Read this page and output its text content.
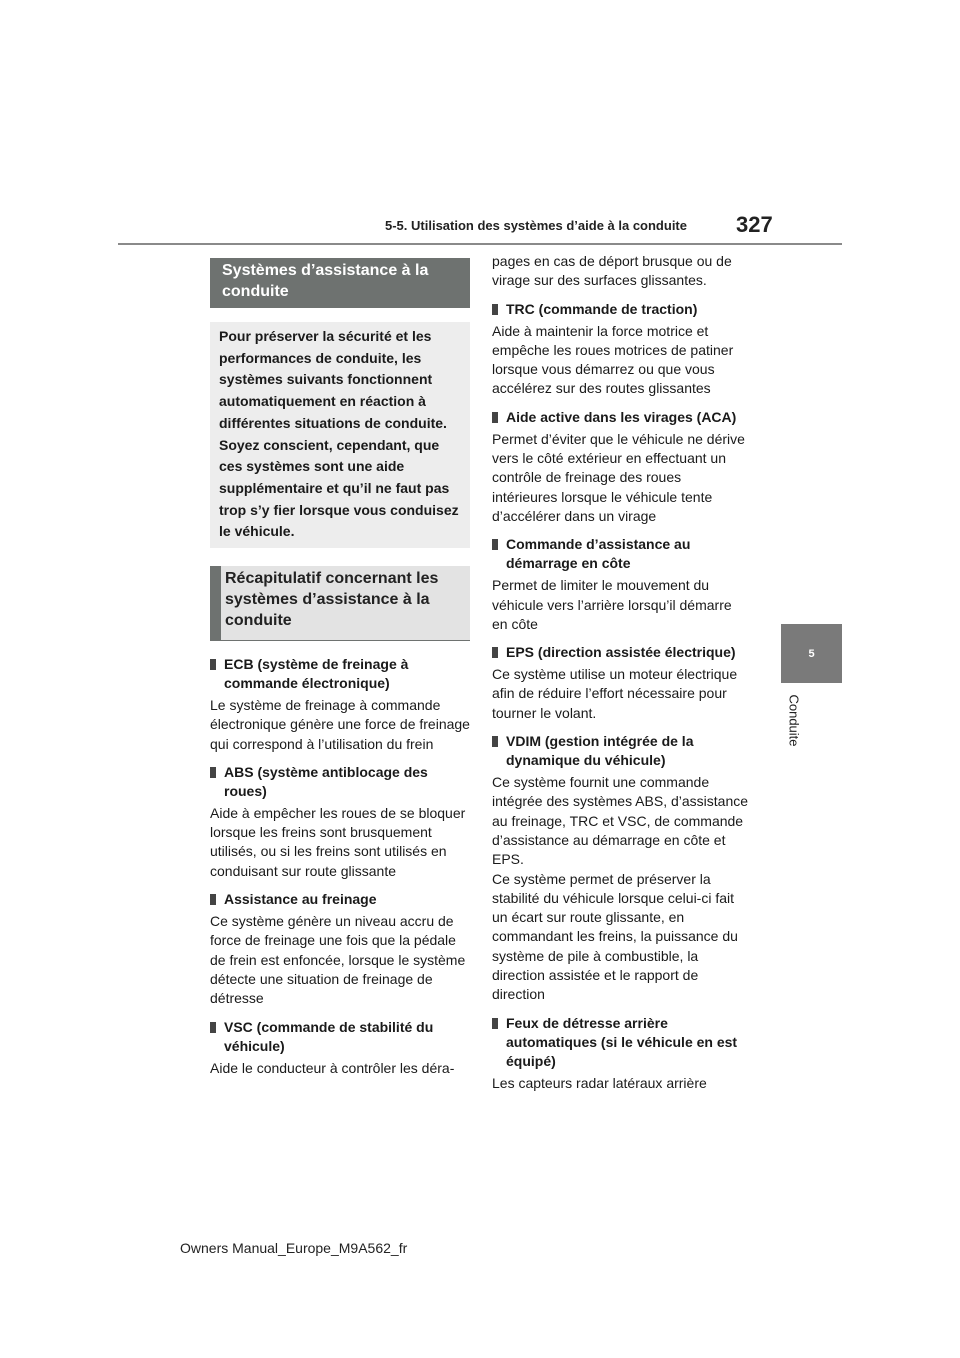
5-5. Utilisation des systèmes d’aide à la conduite 327
5
Conduite
Systèmes d’assistance à la conduite
Pour préserver la sécurité et les performances de conduite, les systèmes suivants fonctionnent automatiquement en réaction à différentes situations de conduite. Soyez conscient, cependant, que ces systèmes sont une aide supplémentaire et qu’il ne faut pas trop s’y fier lorsque vous conduisez le véhicule.
Récapitulatif concernant les systèmes d’assistance à la conduite
ECB (système de freinage à commande électronique)
Le système de freinage à commande électronique génère une force de freinage qui correspond à l’utilisation du frein
ABS (système antiblocage des roues)
Aide à empêcher les roues de se bloquer lorsque les freins sont brusquement utilisés, ou si les freins sont utilisés en conduisant sur route glissante
Assistance au freinage
Ce système génère un niveau accru de force de freinage une fois que la pédale de frein est enfoncée, lorsque le système détecte une situation de freinage de détresse
VSC (commande de stabilité du véhicule)
Aide le conducteur à contrôler les déra-
pages en cas de déport brusque ou de virage sur des surfaces glissantes.
TRC (commande de traction)
Aide à maintenir la force motrice et empêche les roues motrices de patiner lorsque vous démarrez ou que vous accélérez sur des routes glissantes
Aide active dans les virages (ACA)
Permet d’éviter que le véhicule ne dérive vers le côté extérieur en effectuant un contrôle de freinage des roues intérieures lorsque le véhicule tente d’accélérer dans un virage
Commande d’assistance au démarrage en côte
Permet de limiter le mouvement du véhicule vers l’arrière lorsqu’il démarre en côte
EPS (direction assistée électrique)
Ce système utilise un moteur électrique afin de réduire l’effort nécessaire pour tourner le volant.
VDIM (gestion intégrée de la dynamique du véhicule)
Ce système fournit une commande intégrée des systèmes ABS, d’assistance au freinage, TRC et VSC, de commande d’assistance au démarrage en côte et EPS.
Ce système permet de préserver la stabilité du véhicule lorsque celui-ci fait un écart sur route glissante, en commandant les freins, la puissance du système de pile à combustible, la direction assistée et le rapport de direction
Feux de détresse arrière automatiques (si le véhicule en est équipé)
Les capteurs radar latéraux arrière
Owners Manual_Europe_M9A562_fr
